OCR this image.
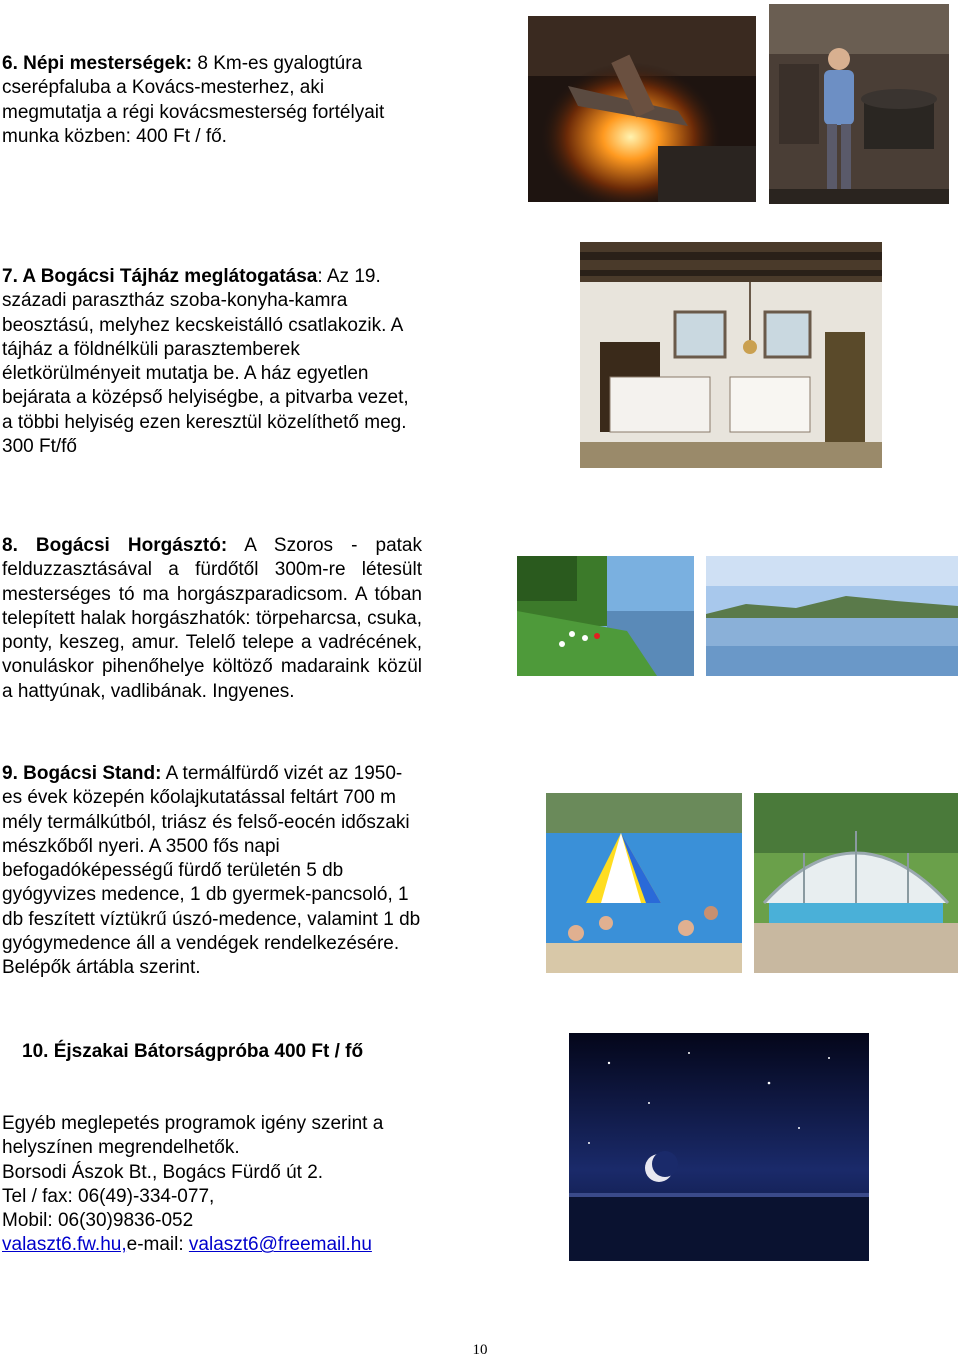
6. Népi mesterségek: 8 Km-es gyalogtúra cserépfaluba a Kovács-mesterhez, aki megmutatja a régi kovácsmesterség fortélyait munka közben: 400 Ft / fő.

7. A Bogácsi Tájház meglátogatása: Az 19. századi parasztház szoba-konyha-kamra beosztású, melyhez kecskeistálló csatlakozik. A tájház a földnélküli parasztemberek életkörülményeit mutatja be. A ház egyetlen bejárata a középső helyiségbe, a pitvarba vezet, a többi helyiség ezen keresztül közelíthető meg. 300 Ft/fő

8. Bogácsi Horgásztó: A Szoros - patak felduzzasztásával a fürdőtől 300m-re létesült mesterséges tó ma horgászparadicsom. A tóban telepített halak horgászhatók: törpeharcsa, csuka, ponty, keszeg, amur. Telelő telepe a vadrécének, vonuláskor pihenőhelye költöző madaraink közül a hattyúnak, vadlibának. Ingyenes.

9. Bogácsi Stand: A termálfürdő vizét az 1950-es évek közepén kőolajkutatással feltárt 700 m mély termálkútból, triász és felső-eocén időszaki mészkőből nyeri. A 3500 fős napi befogadóképességű fürdő területén 5 db gyógyvizes medence, 1 db gyermek-pancsoló, 1 db feszített víztükrű úszó-medence, valamint 1 db gyógymedence áll a vendégek rendelkezésére. Belépők ártábla szerint.

10. Éjszakai Bátorságpróba 400 Ft / fő

Egyéb meglepetés programok igény szerint a helyszínen megrendelhetők.

Borsodi Ászok Bt., Bogács Fürdő út 2.

Tel / fax: 06(49)-334-077,

Mobil: 06(30)9836-052

valaszt6.fw.hu,e-mail: valaszt6@freemail.hu

10
